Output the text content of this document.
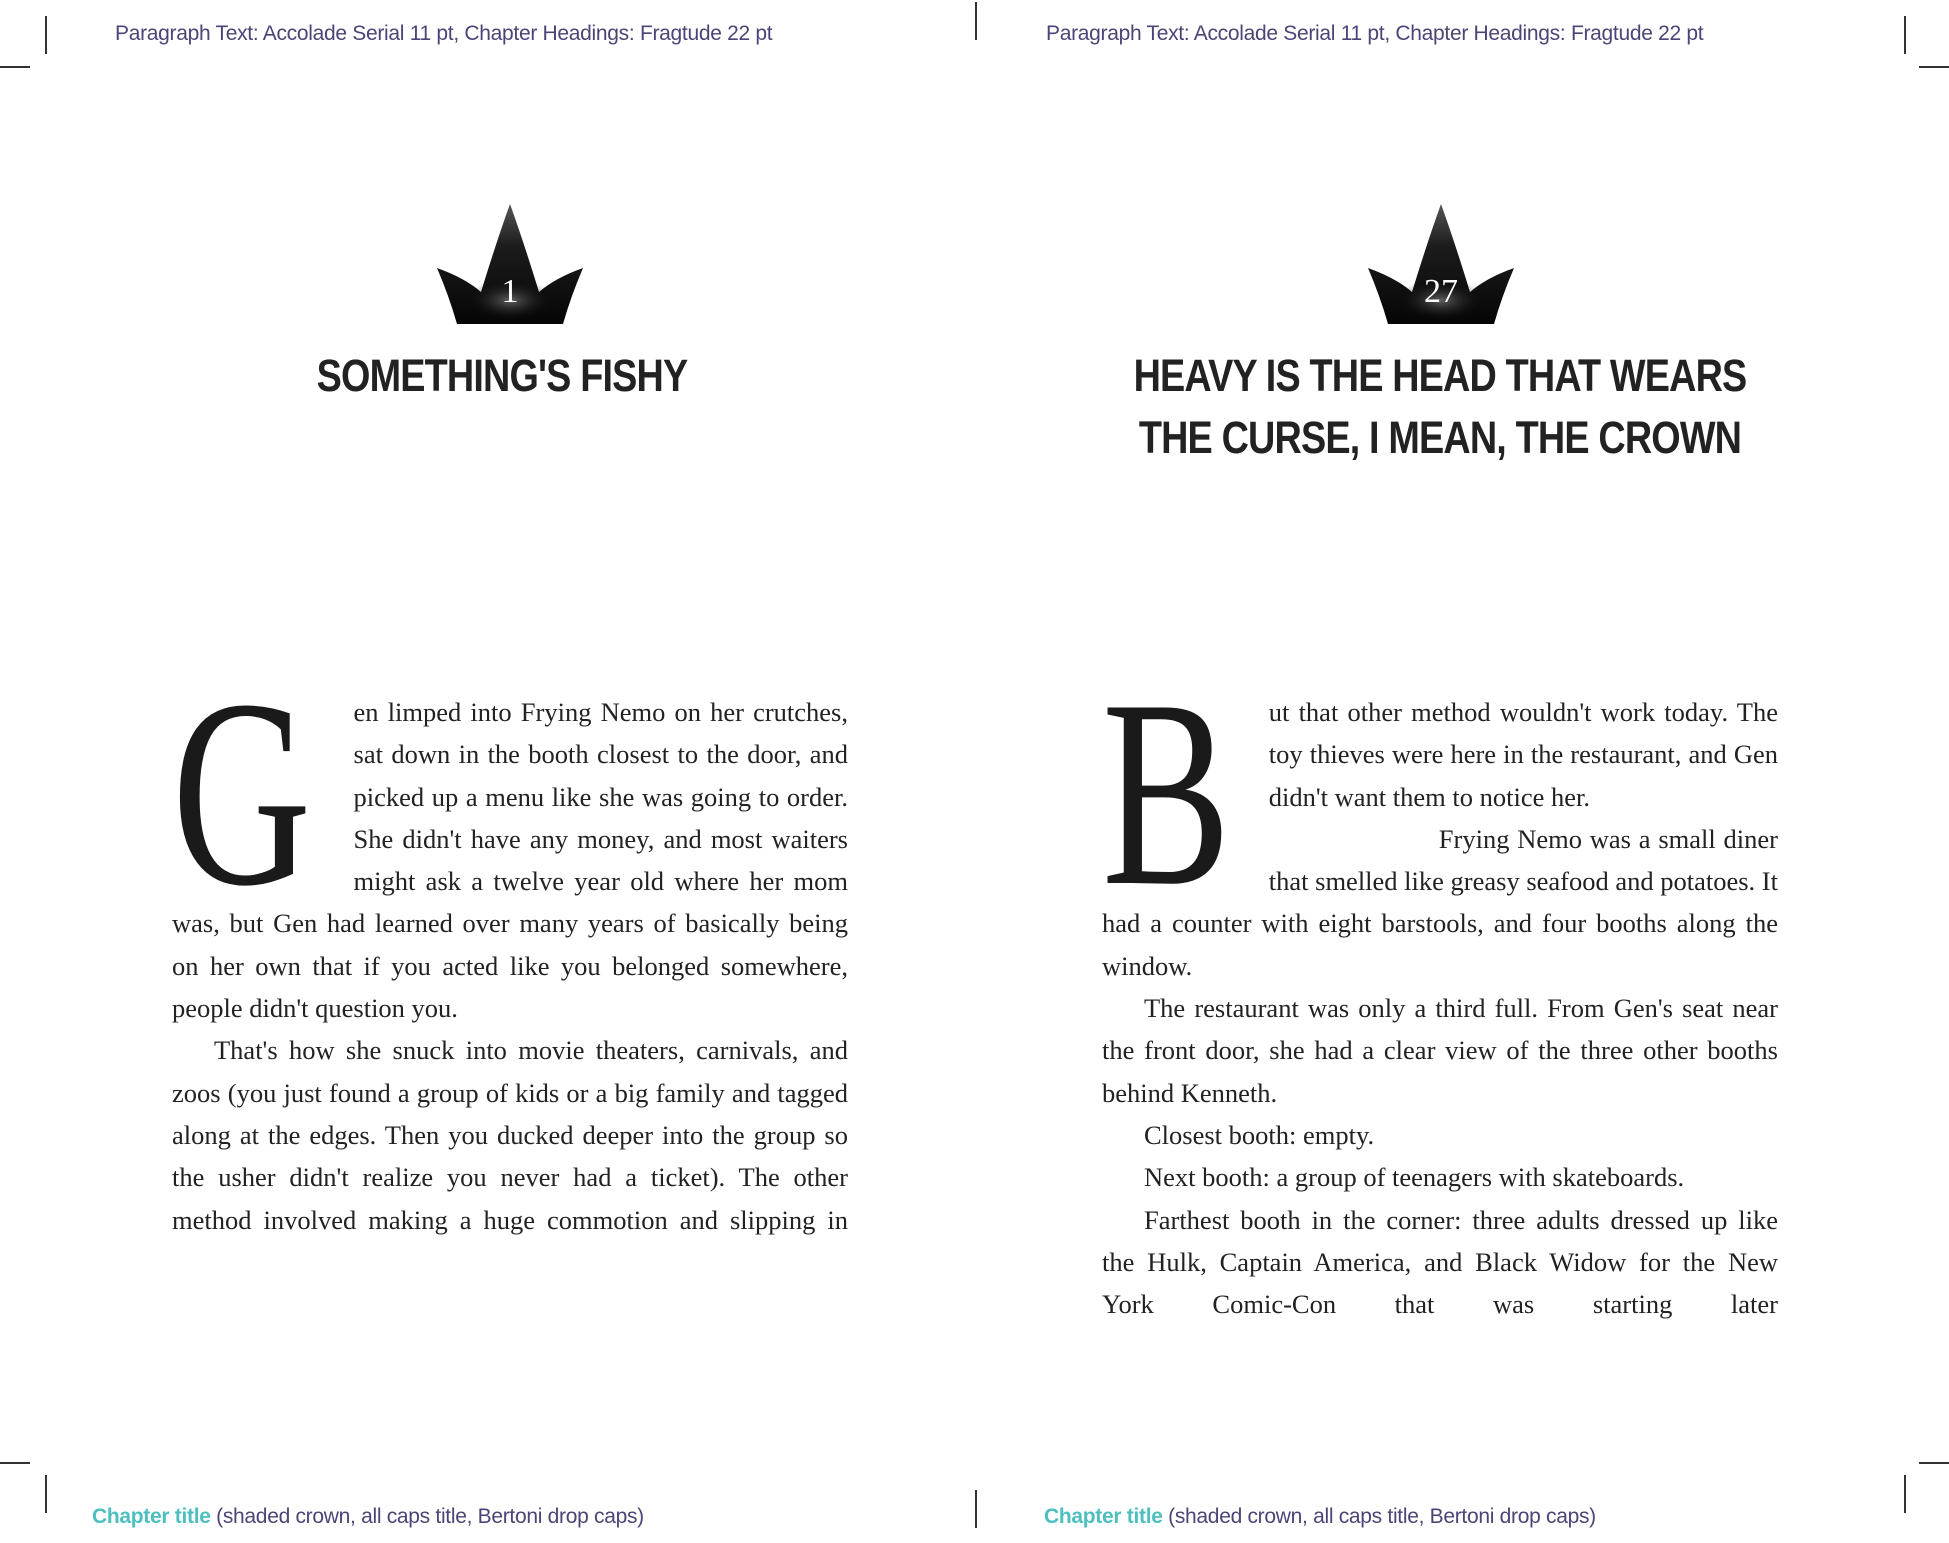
Paragraph Text: Accolade Serial 11 pt, Chapter Headings: Fragtude 22 pt
1
SOMETHING'S FISHY

G	en limped into Frying Nemo on her crutches, sat down in the booth closest to the door, and picked up a menu like she was going to order. She didn't have any money, and most waiters might ask a twelve year old where her mom was, but Gen had learned over many years of basically being on her own that if you acted like you belonged somewhere, people didn't question you.

That's how she snuck into movie theaters, carnivals, and zoos (you just found a group of kids or a big family and tagged along at the edges. Then you ducked deeper into the group so the usher didn't realize you never had a ticket). The other method involved making a huge commotion and slipping in

Chapter title (shaded crown, all caps title, Bertoni drop caps)
Paragraph Text: Accolade Serial 11 pt, Chapter Headings: Fragtude 22 pt
27
HEAVY IS THE HEAD THAT WEARS
THE CURSE, I MEAN, THE CROWN

B	ut that other method wouldn't work today. The toy thieves were here in the restaurant, and Gen didn't want them to notice her.

Frying Nemo was a small diner that smelled like greasy seafood and potatoes. It had a counter with eight barstools, and four booths along the window.

The restaurant was only a third full. From Gen's seat near the front door, she had a clear view of the three other booths behind Kenneth.

Closest booth: empty.

Next booth: a group of teenagers with skateboards.

Farthest booth in the corner: three adults dressed up like the Hulk, Captain America, and Black Widow for the New York Comic-Con that was starting later

Chapter title (shaded crown, all caps title, Bertoni drop caps)
